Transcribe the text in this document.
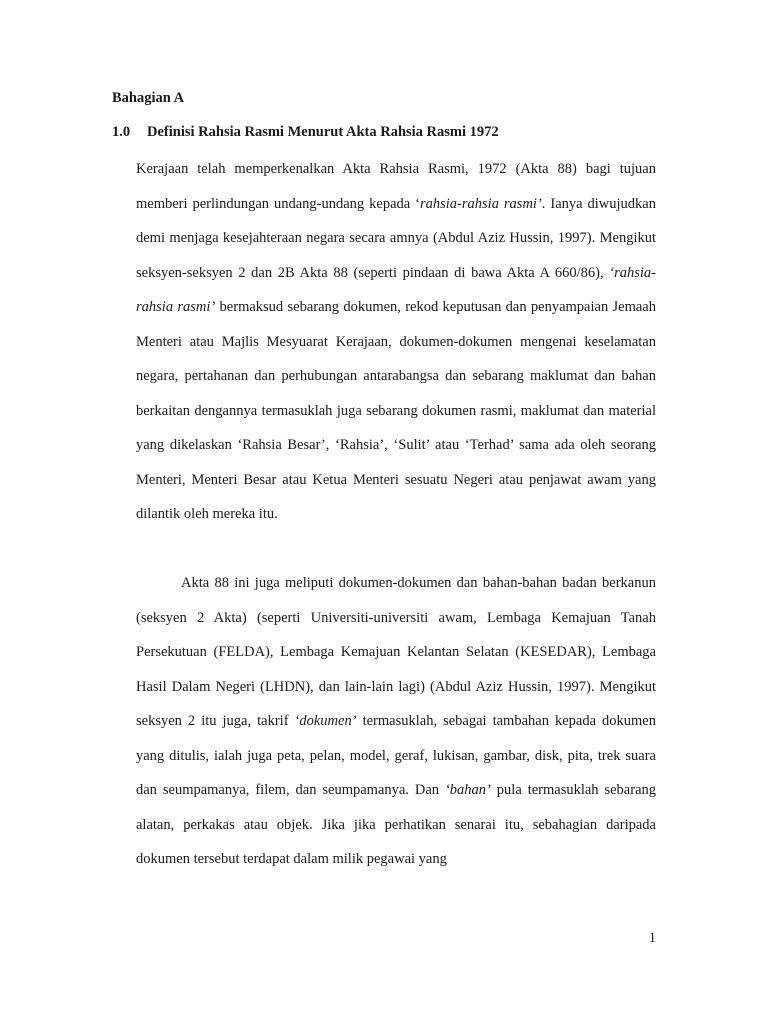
Bahagian A

1.0 Definisi Rahsia Rasmi Menurut Akta Rahsia Rasmi 1972

Kerajaan telah memperkenalkan Akta Rahsia Rasmi, 1972 (Akta 88) bagi tujuan memberi perlindungan undang-undang kepada ‘rahsia-rahsia rasmi’. Ianya diwujudkan demi menjaga kesejahteraan negara secara amnya (Abdul Aziz Hussin, 1997). Mengikut seksyen-seksyen 2 dan 2B Akta 88 (seperti pindaan di bawa Akta A 660/86), ‘rahsia-rahsia rasmi’ bermaksud sebarang dokumen, rekod keputusan dan penyampaian Jemaah Menteri atau Majlis Mesyuarat Kerajaan, dokumen-dokumen mengenai keselamatan negara, pertahanan dan perhubungan antarabangsa dan sebarang maklumat dan bahan berkaitan dengannya termasuklah juga sebarang dokumen rasmi, maklumat dan material yang dikelaskan ‘Rahsia Besar’, ‘Rahsia’, ‘Sulit’ atau ‘Terhad’ sama ada oleh seorang Menteri, Menteri Besar atau Ketua Menteri sesuatu Negeri atau penjawat awam yang dilantik oleh mereka itu.

Akta 88 ini juga meliputi dokumen-dokumen dan bahan-bahan badan berkanun (seksyen 2 Akta) (seperti Universiti-universiti awam, Lembaga Kemajuan Tanah Persekutuan (FELDA), Lembaga Kemajuan Kelantan Selatan (KESEDAR), Lembaga Hasil Dalam Negeri (LHDN), dan lain-lain lagi) (Abdul Aziz Hussin, 1997). Mengikut seksyen 2 itu juga, takrif ‘dokumen’ termasuklah, sebagai tambahan kepada dokumen yang ditulis, ialah juga peta, pelan, model, geraf, lukisan, gambar, disk, pita, trek suara dan seumpamanya, filem, dan seumpamanya. Dan ‘bahan’ pula termasuklah sebarang alatan, perkakas atau objek. Jika jika perhatikan senarai itu, sebahagian daripada dokumen tersebut terdapat dalam milik pegawai yang

1
